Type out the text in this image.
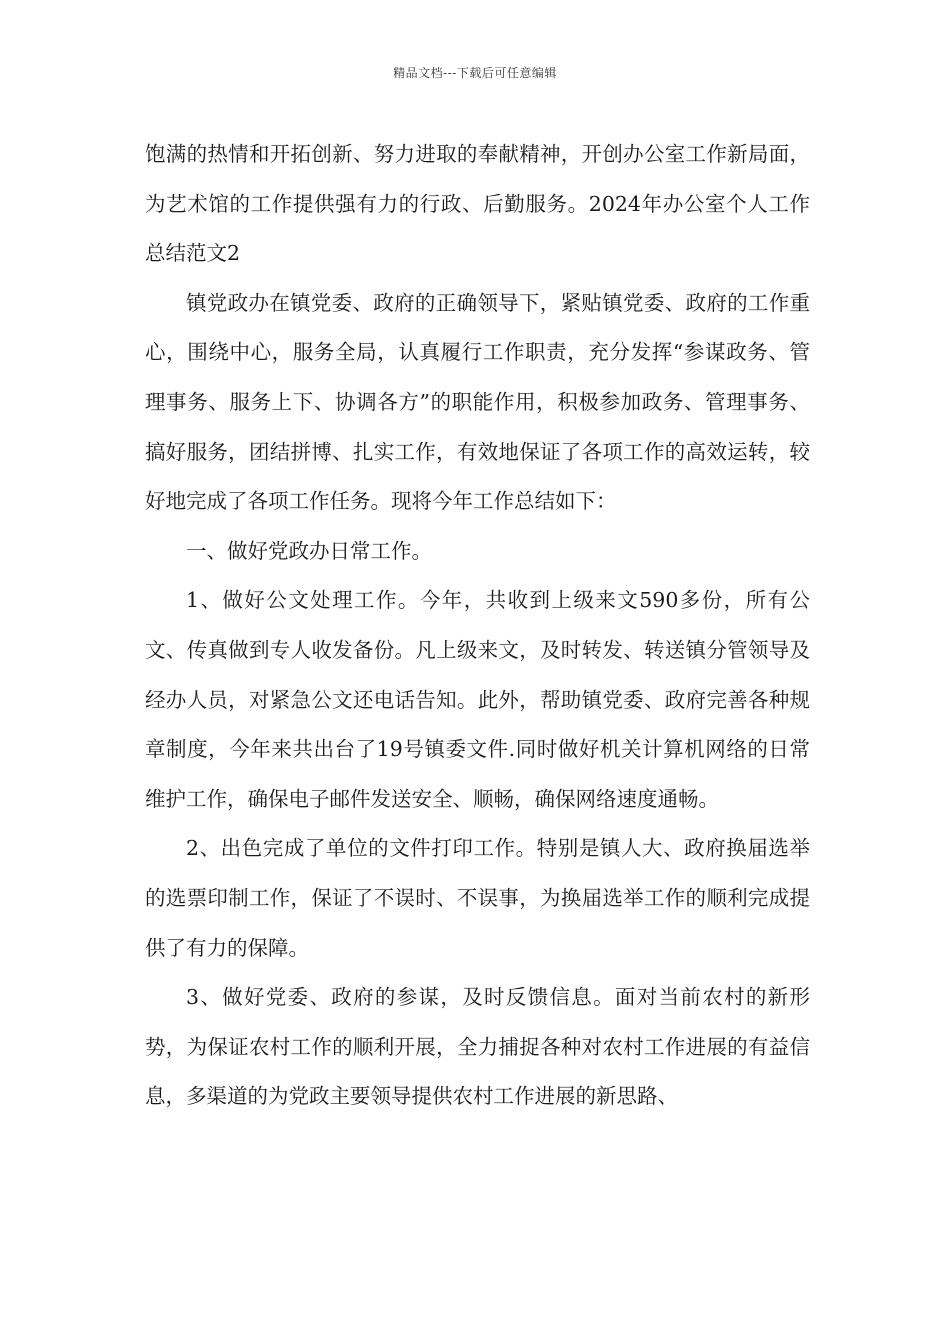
精品文档---下载后可任意编辑

饱满的热情和开拓创新、努力进取的奉献精神，开创办公室工作新局面，为艺术馆的工作提供强有力的行政、后勤服务。2024年办公室个人工作总结范文2

镇党政办在镇党委、政府的正确领导下，紧贴镇党委、政府的工作重心，围绕中心，服务全局，认真履行工作职责，充分发挥“参谋政务、管理事务、服务上下、协调各方”的职能作用，积极参加政务、管理事务、搞好服务，团结拼博、扎实工作，有效地保证了各项工作的高效运转，较好地完成了各项工作任务。现将今年工作总结如下：

一、做好党政办日常工作。

1、做好公文处理工作。今年，共收到上级来文590多份，所有公文、传真做到专人收发备份。凡上级来文，及时转发、转送镇分管领导及经办人员，对紧急公文还电话告知。此外，帮助镇党委、政府完善各种规章制度，今年来共出台了19号镇委文件.同时做好机关计算机网络的日常维护工作，确保电子邮件发送安全、顺畅，确保网络速度通畅。

2、出色完成了单位的文件打印工作。特别是镇人大、政府换届选举的选票印制工作，保证了不误时、不误事，为换届选举工作的顺利完成提供了有力的保障。

3、做好党委、政府的参谋，及时反馈信息。面对当前农村的新形势，为保证农村工作的顺利开展，全力捕捉各种对农村工作进展的有益信息，多渠道的为党政主要领导提供农村工作进展的新思路、
